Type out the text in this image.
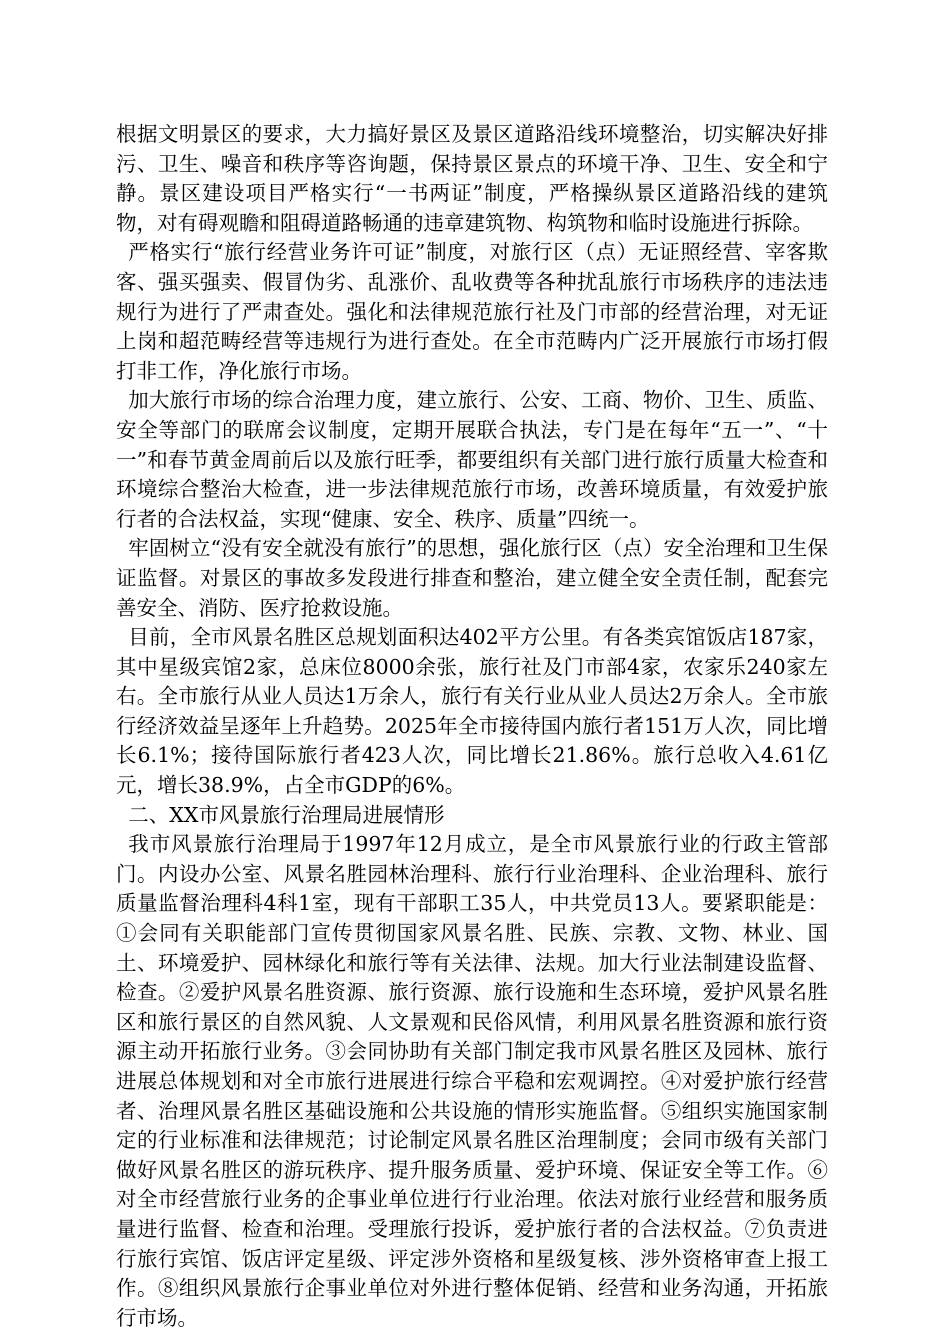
根据文明景区的要求，大力搞好景区及景区道路沿线环境整治，切实解决好排污、卫生、噪音和秩序等咨询题，保持景区景点的环境干净、卫生、安全和宁静。景区建设项目严格实行“一书两证”制度，严格操纵景区道路沿线的建筑物，对有碍观瞻和阻碍道路畅通的违章建筑物、构筑物和临时设施进行拆除。

严格实行“旅行经营业务许可证”制度，对旅行区（点）无证照经营、宰客欺客、强买强卖、假冒伪劣、乱涨价、乱收费等各种扰乱旅行市场秩序的违法违规行为进行了严肃查处。强化和法律规范旅行社及门市部的经营治理，对无证上岗和超范畴经营等违规行为进行查处。在全市范畴内广泛开展旅行市场打假打非工作，净化旅行市场。

加大旅行市场的综合治理力度，建立旅行、公安、工商、物价、卫生、质监、安全等部门的联席会议制度，定期开展联合执法，专门是在每年“五一”、“十一”和春节黄金周前后以及旅行旺季，都要组织有关部门进行旅行质量大检查和环境综合整治大检查，进一步法律规范旅行市场，改善环境质量，有效爱护旅行者的合法权益，实现“健康、安全、秩序、质量”四统一。

牢固树立“没有安全就没有旅行”的思想，强化旅行区（点）安全治理和卫生保证监督。对景区的事故多发段进行排查和整治，建立健全安全责任制，配套完善安全、消防、医疗抢救设施。

目前，全市风景名胜区总规划面积达402平方公里。有各类宾馆饭店187家，其中星级宾馆2家，总床位8000余张，旅行社及门市部4家，农家乐240家左右。全市旅行从业人员达1万余人，旅行有关行业从业人员达2万余人。全市旅行经济效益呈逐年上升趋势。2025年全市接待国内旅行者151万人次，同比增长6.1%；接待国际旅行者423人次，同比增长21.86%。旅行总收入4.61亿元，增长38.9%，占全市GDP的6%。

二、XX市风景旅行治理局进展情形

我市风景旅行治理局于1997年12月成立，是全市风景旅行业的行政主管部门。内设办公室、风景名胜园林治理科、旅行行业治理科、企业治理科、旅行质量监督治理科4科1室，现有干部职工35人，中共党员13人。要紧职能是：①会同有关职能部门宣传贯彻国家风景名胜、民族、宗教、文物、林业、国土、环境爱护、园林绿化和旅行等有关法律、法规。加大行业法制建设监督、检查。②爱护风景名胜资源、旅行资源、旅行设施和生态环境，爱护风景名胜区和旅行景区的自然风貌、人文景观和民俗风情，利用风景名胜资源和旅行资源主动开拓旅行业务。③会同协助有关部门制定我市风景名胜区及园林、旅行进展总体规划和对全市旅行进展进行综合平稳和宏观调控。④对爱护旅行经营者、治理风景名胜区基础设施和公共设施的情形实施监督。⑤组织实施国家制定的行业标准和法律规范；讨论制定风景名胜区治理制度；会同市级有关部门做好风景名胜区的游玩秩序、提升服务质量、爱护环境、保证安全等工作。⑥对全市经营旅行业务的企事业单位进行行业治理。依法对旅行业经营和服务质量进行监督、检查和治理。受理旅行投诉，爱护旅行者的合法权益。⑦负责进行旅行宾馆、饭店评定星级、评定涉外资格和星级复核、涉外资格审查上报工作。⑧组织风景旅行企事业单位对外进行整体促销、经营和业务沟通，开拓旅行市场。
